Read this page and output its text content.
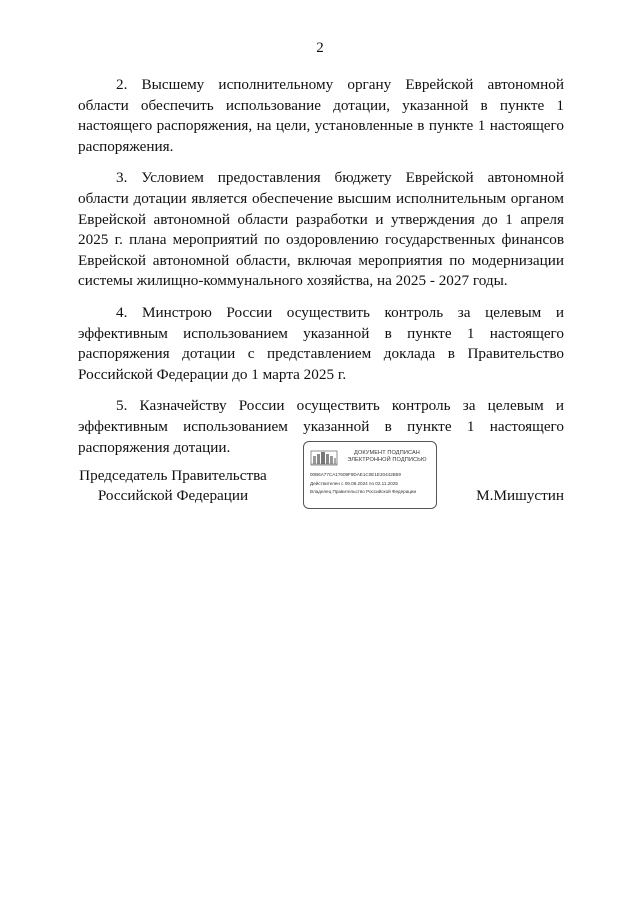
2

2. Высшему исполнительному органу Еврейской автономной области обеспечить использование дотации, указанной в пункте 1 настоящего распоряжения, на цели, установленные в пункте 1 настоящего распоряжения.

3. Условием предоставления бюджету Еврейской автономной области дотации является обеспечение высшим исполнительным органом Еврейской автономной области разработки и утверждения до 1 апреля 2025 г. плана мероприятий по оздоровлению государственных финансов Еврейской автономной области, включая мероприятия по модернизации системы жилищно-коммунального хозяйства, на 2025 - 2027 годы.

4. Минстрою России осуществить контроль за целевым и эффективным использованием указанной в пункте 1 настоящего распоряжения дотации с представлением доклада в Правительство Российской Федерации до 1 марта 2025 г.

5. Казначейству России осуществить контроль за целевым и эффективным использованием указанной в пункте 1 настоящего распоряжения дотации.

Председатель Правительства
Российской Федерации
ДОКУМЕНТ ПОДПИСАН
ЭЛЕКТРОННОЙ ПОДПИСЬЮ
00B6A77CA17609F9DAE1C0E1E20442B59
Действителен с 09.08.2024 по 02.11.2025
Владелец Правительство Российской Федерации	М.Мишустин
